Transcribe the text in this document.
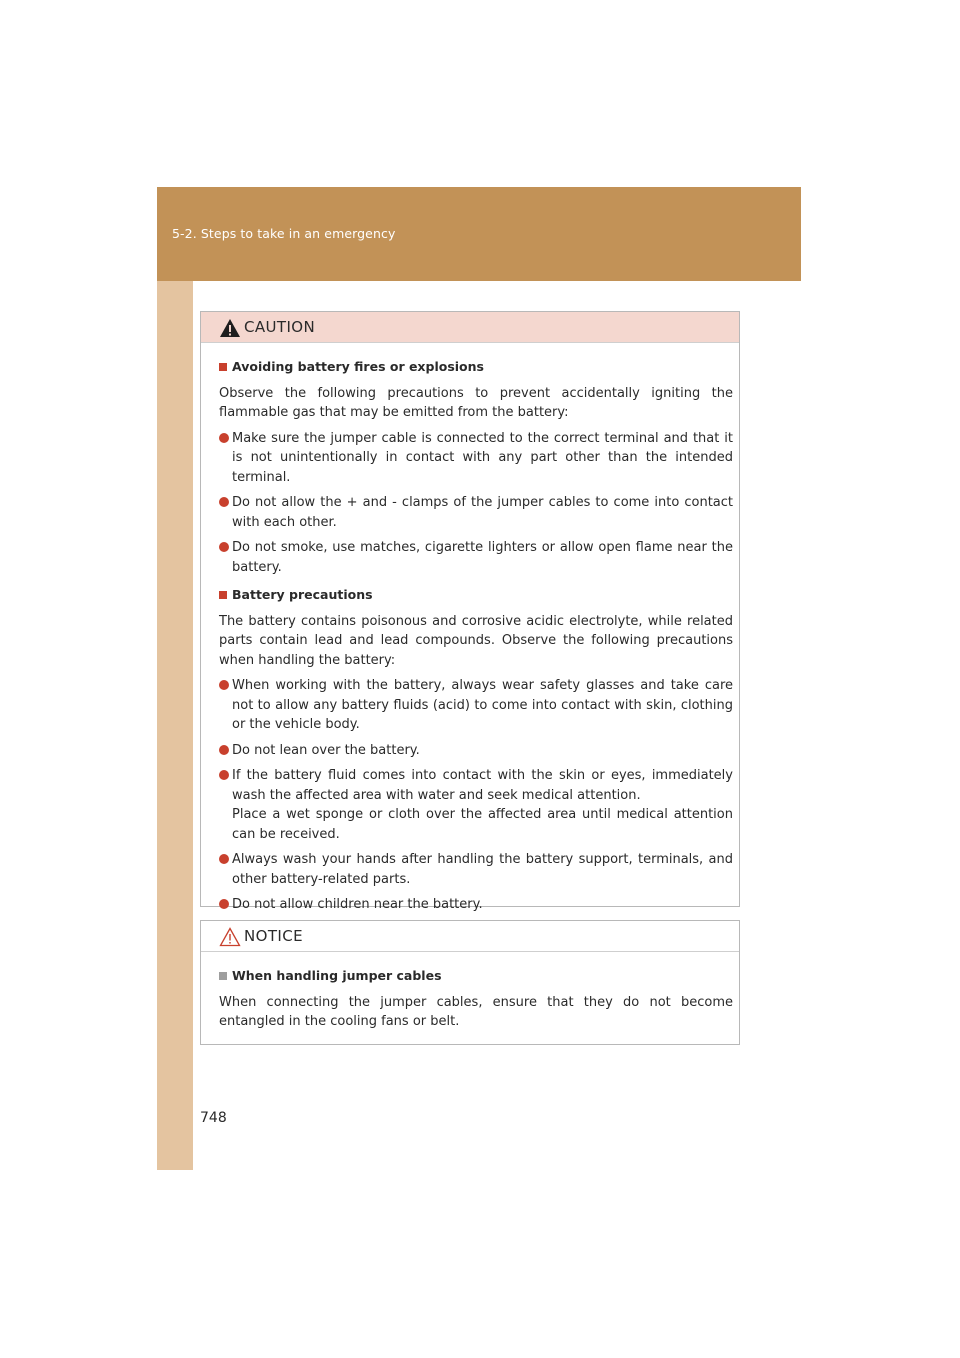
5-2. Steps to take in an emergency
CAUTION
Avoiding battery fires or explosions
Observe the following precautions to prevent accidentally igniting the flammable gas that may be emitted from the battery:
Make sure the jumper cable is connected to the correct terminal and that it is not unintentionally in contact with any part other than the intended terminal.
Do not allow the + and - clamps of the jumper cables to come into contact with each other.
Do not smoke, use matches, cigarette lighters or allow open flame near the battery.
Battery precautions
The battery contains poisonous and corrosive acidic electrolyte, while related parts contain lead and lead compounds. Observe the following precautions when handling the battery:
When working with the battery, always wear safety glasses and take care not to allow any battery fluids (acid) to come into contact with skin, clothing or the vehicle body.
Do not lean over the battery.
If the battery fluid comes into contact with the skin or eyes, immediately wash the affected area with water and seek medical attention.
Place a wet sponge or cloth over the affected area until medical attention can be received.
Always wash your hands after handling the battery support, terminals, and other battery-related parts.
Do not allow children near the battery.
NOTICE
When handling jumper cables
When connecting the jumper cables, ensure that they do not become entangled in the cooling fans or belt.
748
